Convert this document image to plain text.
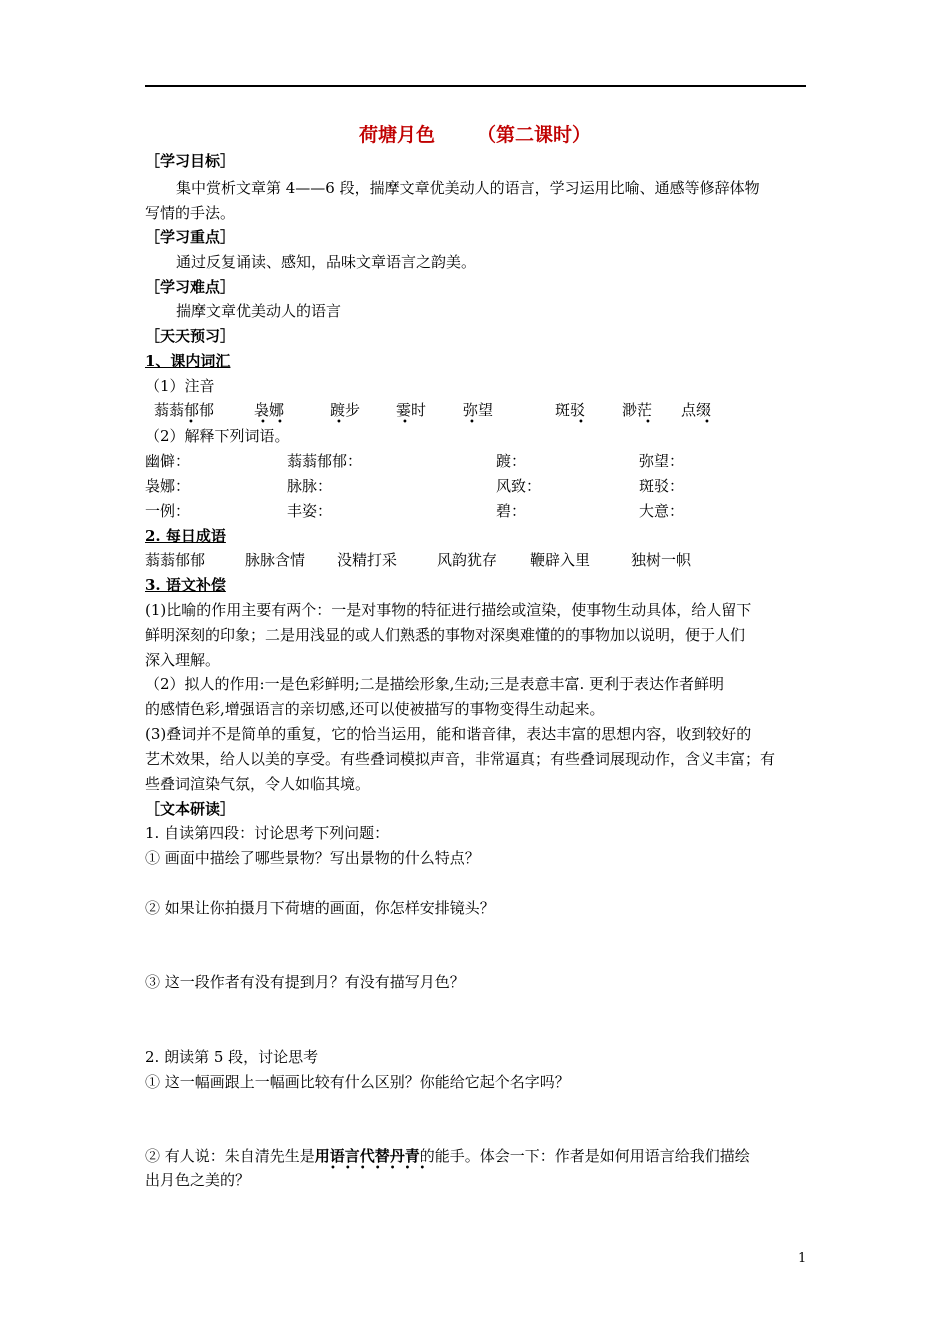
荷塘月色 （第二课时）
［学习目标］
集中赏析文章第 4——6 段，揣摩文章优美动人的语言，学习运用比喻、通感等修辞体物
写情的手法。
［学习重点］
通过反复诵读、感知，品味文章语言之韵美。
［学习难点］
揣摩文章优美动人的语言
［天天预习］
1、课内词汇
（1）注音
蓊蓊郁郁	袅娜	踱步 霎时 弥望	斑驳 渺茫 点缀
•	• •	•	•	•	•	•	•
（2）解释下列词语。
幽僻：	蓊蓊郁郁：	踱：	弥望：
袅娜：	脉脉：	风致：	斑驳：
一例：	丰姿：	碧：	大意：
2. 每日成语
蓊蓊郁郁	脉脉含情 没精打采	风韵犹存 鞭辟入里	独树一帜
3. 语文补偿
(1)比喻的作用主要有两个：一是对事物的特征进行描绘或渲染，使事物生动具体，给人留下
鲜明深刻的印象；二是用浅显的或人们熟悉的事物对深奥难懂的的事物加以说明，便于人们
深入理解。
（2）拟人的作用:一是色彩鲜明;二是描绘形象,生动;三是表意丰富. 更利于表达作者鲜明
的感情色彩,增强语言的亲切感,还可以使被描写的事物变得生动起来。
(3)叠词并不是简单的重复，它的恰当运用，能和谐音律，表达丰富的思想内容，收到较好的
艺术效果，给人以美的享受。有些叠词模拟声音，非常逼真；有些叠词展现动作，含义丰富；有
些叠词渲染气氛，令人如临其境。
［文本研读］
1. 自读第四段：讨论思考下列问题：
① 画面中描绘了哪些景物？写出景物的什么特点？
② 如果让你拍摄月下荷塘的画面，你怎样安排镜头？
③ 这一段作者有没有提到月？有没有描写月色？
2. 朗读第 5 段，讨论思考
① 这一幅画跟上一幅画比较有什么区别？你能给它起个名字吗？
② 有人说：朱自清先生是用语言代替丹青的能手。体会一下：作者是如何用语言给我们描绘
•••••••
出月色之美的？
1
